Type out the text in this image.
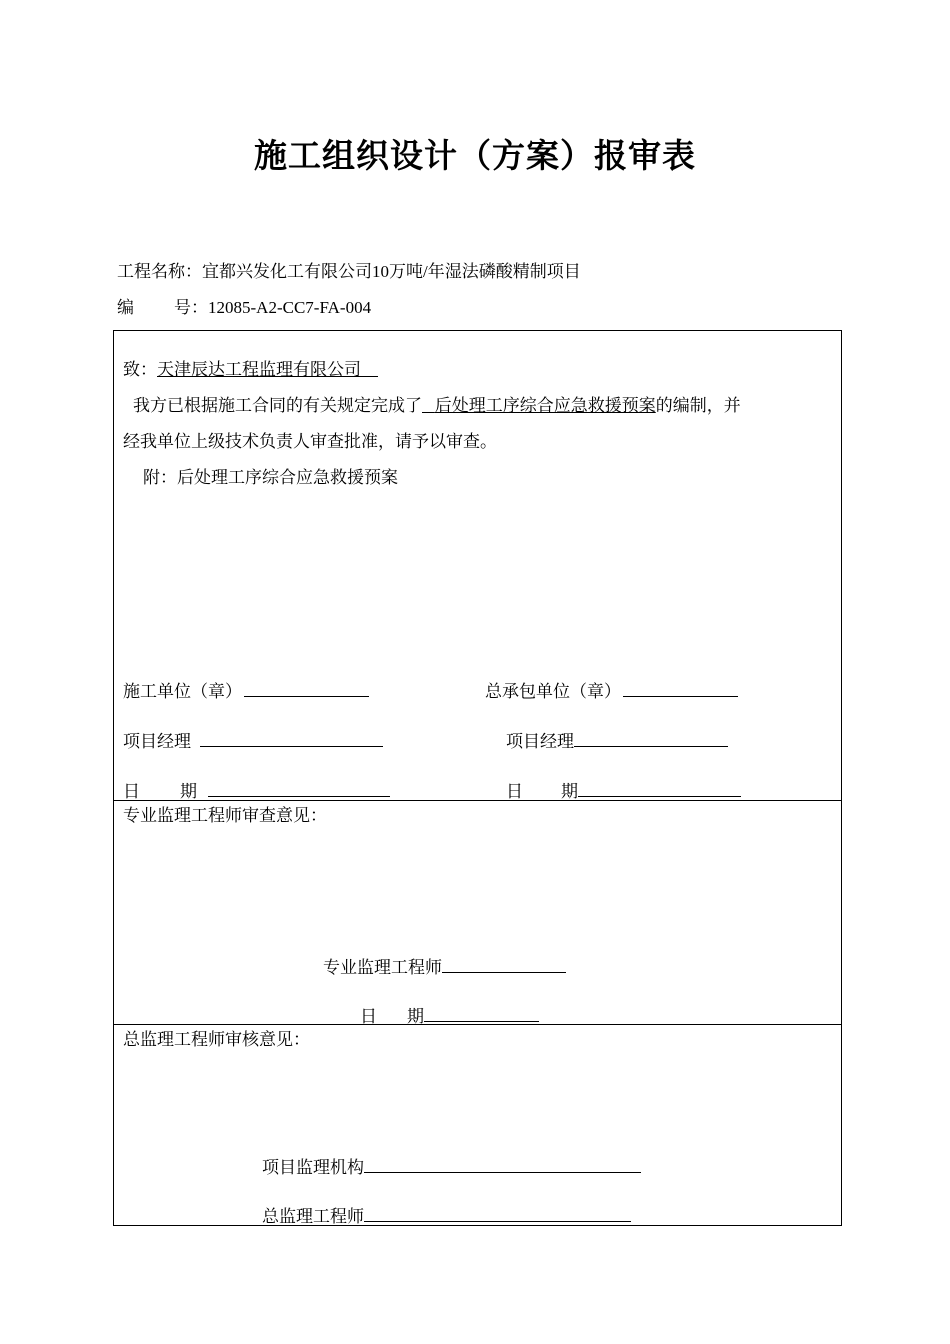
施工组织设计（方案）报审表
工程名称：宜都兴发化工有限公司10万吨/年湿法磷酸精制项目
编 号：12085-A2-CC7-FA-004
致：天津辰达工程监理有限公司
我方已根据施工合同的有关规定完成了 后处理工序综合应急救援预案的编制，并
经我单位上级技术负责人审查批准，请予以审查。
附：后处理工序综合应急救援预案
施工单位（章）	总承包单位（章）
项目经理	项目经理
日 期	日 期
专业监理工程师审查意见：
专业监理工程师
日 期
总监理工程师审核意见：
项目监理机构
总监理工程师
